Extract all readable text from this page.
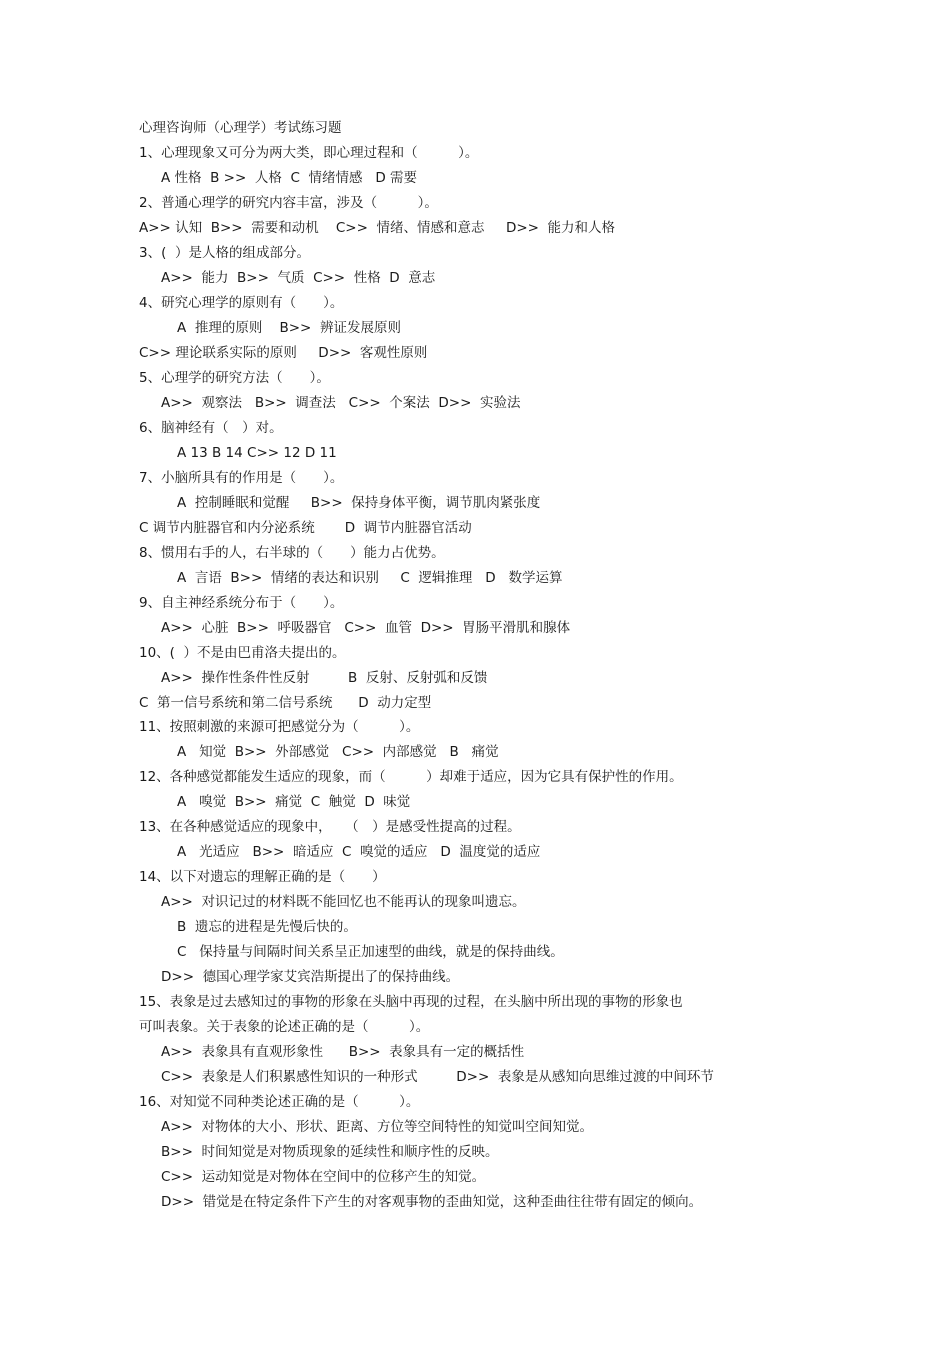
心理咨询师（心理学）考试练习题
1、心理现象又可分为两大类，即心理过程和（　　　）。
A 性格  B >>  人格  C  情绪情感   D 需要
2、普通心理学的研究内容丰富，涉及（　　　）。
A>> 认知  B>>  需要和动机    C>>  情绪、情感和意志     D>>  能力和人格
3、(  ）是人格的组成部分。
A>>  能力  B>>  气质  C>>  性格  D  意志
4、研究心理学的原则有（　　）。
A  推理的原则    B>>  辨证发展原则
C>> 理论联系实际的原则     D>>  客观性原则
5、心理学的研究方法（　　）。
A>>  观察法   B>>  调查法   C>>  个案法  D>>  实验法
6、脑神经有（　）对。
A 13 B 14 C>> 12 D 11
7、小脑所具有的作用是（　　）。
A  控制睡眠和觉醒     B>>  保持身体平衡，调节肌肉紧张度
C 调节内脏器官和内分泌系统       D  调节内脏器官活动
8、惯用右手的人，右半球的（　　）能力占优势。
A  言语  B>>  情绪的表达和识别     C  逻辑推理   D   数学运算
9、自主神经系统分布于（　　）。
A>>  心脏  B>>  呼吸器官   C>>  血管  D>>  胃肠平滑肌和腺体
10、(  ）不是由巴甫洛夫提出的。
A>>  操作性条件性反射         B  反射、反射弧和反馈
C  第一信号系统和第二信号系统      D  动力定型
11、按照刺激的来源可把感觉分为（　　　）。
A   知觉  B>>  外部感觉   C>>  内部感觉   B   痛觉
12、各种感觉都能发生适应的现象，而（　　　）却难于适应，因为它具有保护性的作用。
A   嗅觉  B>>  痛觉  C  触觉  D  味觉
13、在各种感觉适应的现象中，　　（　）是感受性提高的过程。
A   光适应   B>>  暗适应  C  嗅觉的适应   D  温度觉的适应
14、以下对遗忘的理解正确的是（　　）
A>>  对识记过的材料既不能回忆也不能再认的现象叫遗忘。
B  遗忘的进程是先慢后快的。
C   保持量与间隔时间关系呈正加速型的曲线，就是的保持曲线。
D>>  德国心理学家艾宾浩斯提出了的保持曲线。
15、表象是过去感知过的事物的形象在头脑中再现的过程，在头脑中所出现的事物的形象也
可叫表象。关于表象的论述正确的是（　　　）。
A>>  表象具有直观形象性      B>>  表象具有一定的概括性
C>>  表象是人们积累感性知识的一种形式         D>>  表象是从感知向思维过渡的中间环节
16、对知觉不同种类论述正确的是（　　　）。
A>>  对物体的大小、形状、距离、方位等空间特性的知觉叫空间知觉。
B>>  时间知觉是对物质现象的延续性和顺序性的反映。
C>>  运动知觉是对物体在空间中的位移产生的知觉。
D>>  错觉是在特定条件下产生的对客观事物的歪曲知觉，这种歪曲往往带有固定的倾向。
